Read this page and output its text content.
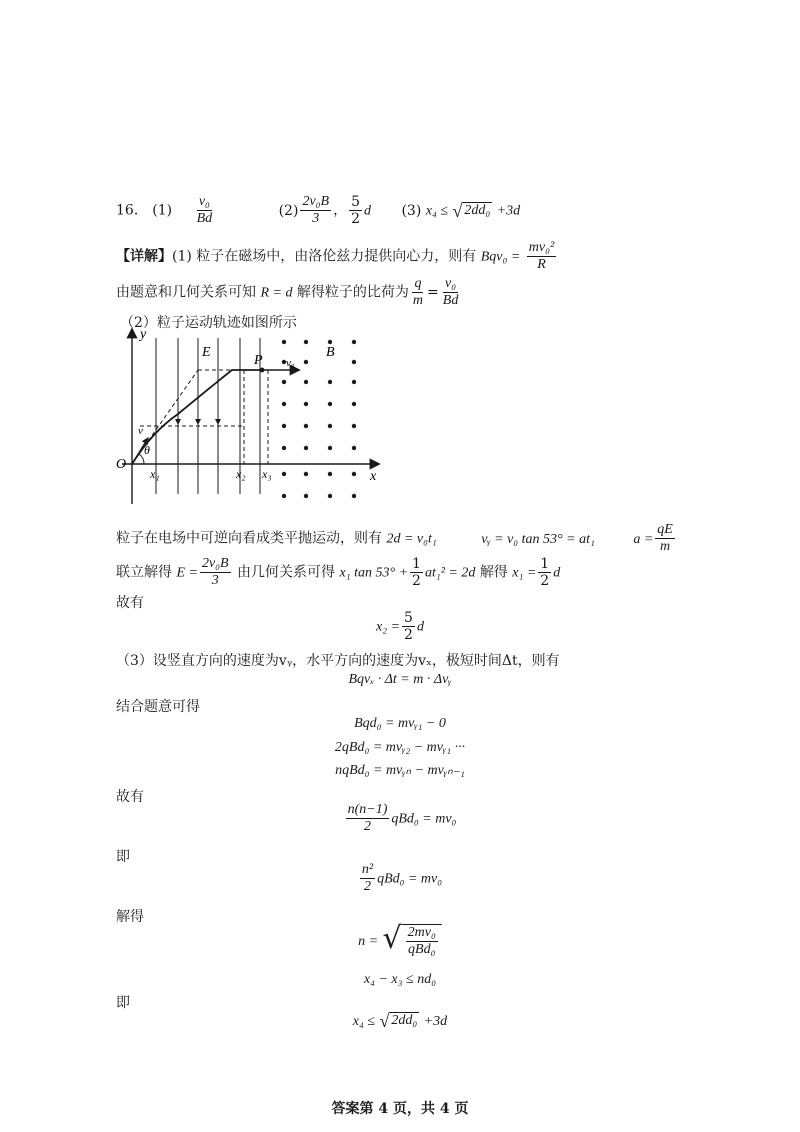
16． $(1) \frac{\text{v₀}}{Bd}$	$(2) \frac{\text{2v₀B}}{3}$ ， $\frac{5}{2}$ d (3) x₄ ≤ √ 2dd₀ +3d
【详解】(1) 粒子在磁场中，由洛伦兹力提供向心力，则有 $Bqv_0 = \frac{\text{mv₀²}}{R}$
由题意和几何关系可知 R = d 解得粒子的比荷为 $\frac{q}{m} = \frac{\text{v₀}}{Bd}$
（2）粒子运动轨迹如图所示
y
x
O
E
P v₀
B
v
θ
x₁	x₂ x₃
粒子在电场中可逆向看成类平抛运动，则有 2d = v₀t₁	vᵧ = v₀ tan 53° = at₁	$a = \frac{qE}{m}$
联立解得 $E = \frac{\text{2v₀B}}{3}$ 由几何关系可得 x₁ $\tan 53^\circ + \frac{1}{2} at_1^2 = 2d$ 解得 $x_1 = \frac{1}{2}$ d
故有
$x_2 = \frac{5}{2}$ d
（3）设竖直方向的速度为vᵧ，水平方向的速度为vₓ，极短时间Δt，则有
Bqvₓ · Δt = m · Δvᵧ
结合题意可得
Bqd₀ = mvᵧ₁ − 0
2qBd₀ = mvᵧ₂ − mvᵧ₁ ···
nqBd₀ = mvᵧₙ − mvᵧₙ₋₁
故有
$\frac{n(n-1)}{2} qBd_0 = mv_0$
即
$\frac{\text{n²}}{2} qBd_0 = mv_0$
解得
n = √ $\frac{\text{2mv₀}}{\text{qBd₀}}$
x₄ − x₃ ≤ nd₀
即
x₄ ≤ √ 2dd₀ +3d
答案第 4 页，共 4 页
